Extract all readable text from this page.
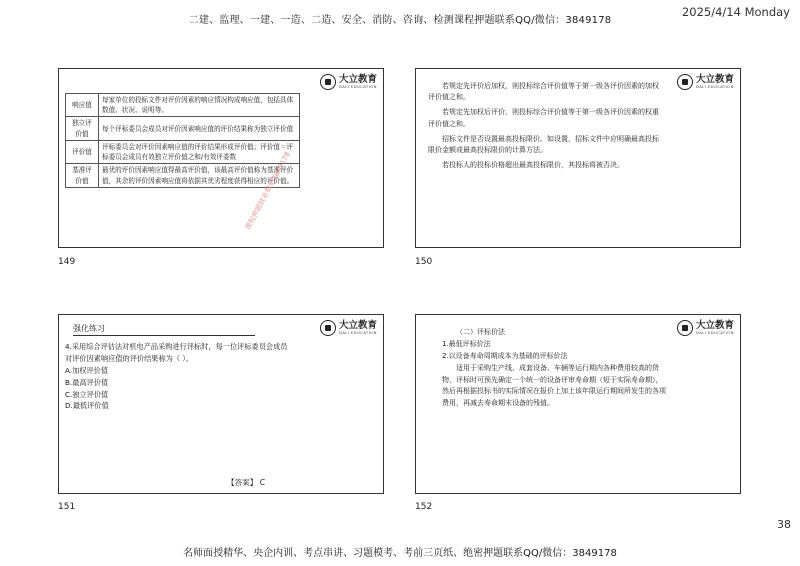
二建、监理、一建、一造、二造、安全、消防、咨询、检测课程押题联系QQ/微信：3849178
2025/4/14 Monday
大立教育
DALI EDUCATION
响应值	每家单位的投标文件对评价因素的响应情况构成响应值，包括具体数值、状况、说明等。
独立评价值	每个评标委员会成员对评价因素响应值的评价结果称为独立评价值
评价值	评标委员会对评价因素响应值的评价结果形成评价值；评价值＝评标委员会成员有效独立评价值之和/有效评委数
基准评价值	最优的评价因素响应值得最高评价值，该最高评价值称为基准评价值，其余的评价因素响应值将依据其优劣程度获得相应的评价值。
课程押题联系微信3849178
149
大立教育
DALI EDUCATION

若规定先评价后加权，则投标综合评价值等于第一级各评价因素的加权评价值之和。

若规定先加权后评价，则投标综合评价值等于第一级各评价因素的权重评价值之和。

招标文件是否设置最高投标限价。如设置，招标文件中应明确最高投标限价金额或最高投标限价的计算方法。

若投标人的投标价格超出最高投标限价，其投标将被否决。

150
强化练习	大立教育
DALI EDUCATION

4.采用综合评估法对机电产品采购进行评标时，每一位评标委员会成员对评价因素响应值的评价结果称为（ ）。

A.加权评价值

B.最高评价值

C.独立评价值

D.最低评价值

【答案】 C
151
大立教育
DALI EDUCATION

（二）评标价法

1.最低评标价法

2.以设备寿命周期成本为基础的评标价法

适用于采购生产线、成套设备、车辆等运行期内各种费用较高的货物，评标时可预先确定一个统一的设备评审寿命期（短于实际寿命期），然后再根据投标书的实际情况在报价上加上该年限运行期间所发生的各项费用，再减去寿命期末设备的残值。

152
38
名师面授精华、央企内训、考点串讲、习题模考、考前三页纸、绝密押题联系QQ/微信：3849178
